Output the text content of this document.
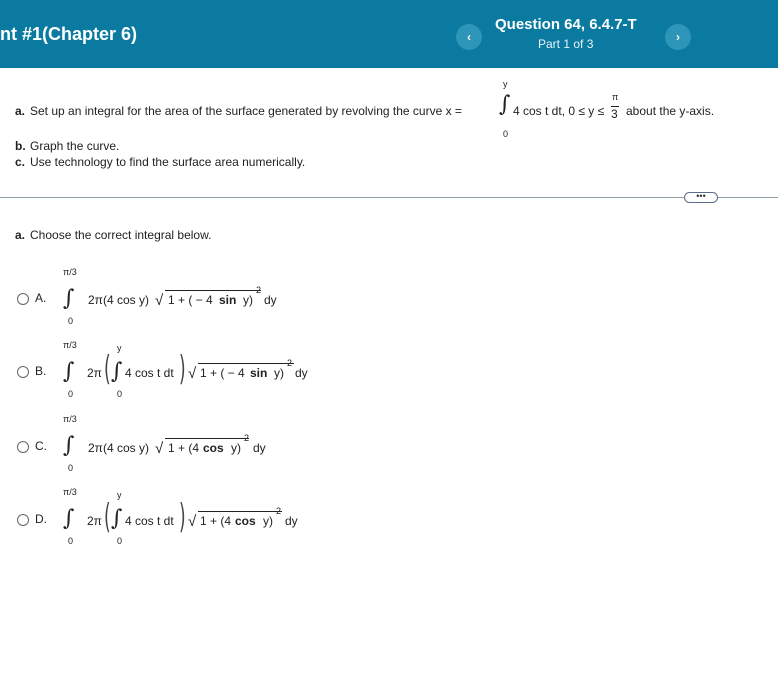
nt #1(Chapter 6)	‹
Question 64, 6.4.7-T
Part 1 of 3	›
a. Set up an integral for the area of the surface generated by revolving the curve x =
y
∫
0
4 cos t dt, 0 ≤ y ≤
π
3 about the y-axis.
b. Graph the curve.
c. Use technology to find the surface area numerically.
•••
a. Choose the correct integral below.
A.
π/3
∫
0
2π (4 cos y) √ 1 + ( − 4 sin y)
2
dy
B.
π/3
∫
0
2π (
y
∫
0
4 cos t dt ) √ 1 + ( − 4 sin y)
2
dy
C.
π/3
∫
0
2π (4 cos y) √ 1 + (4 cos y)
2
dy
D.
π/3
∫
0
2π (
y
∫
0
4 cos t dt ) √ 1 + (4 cos y)
2
dy
